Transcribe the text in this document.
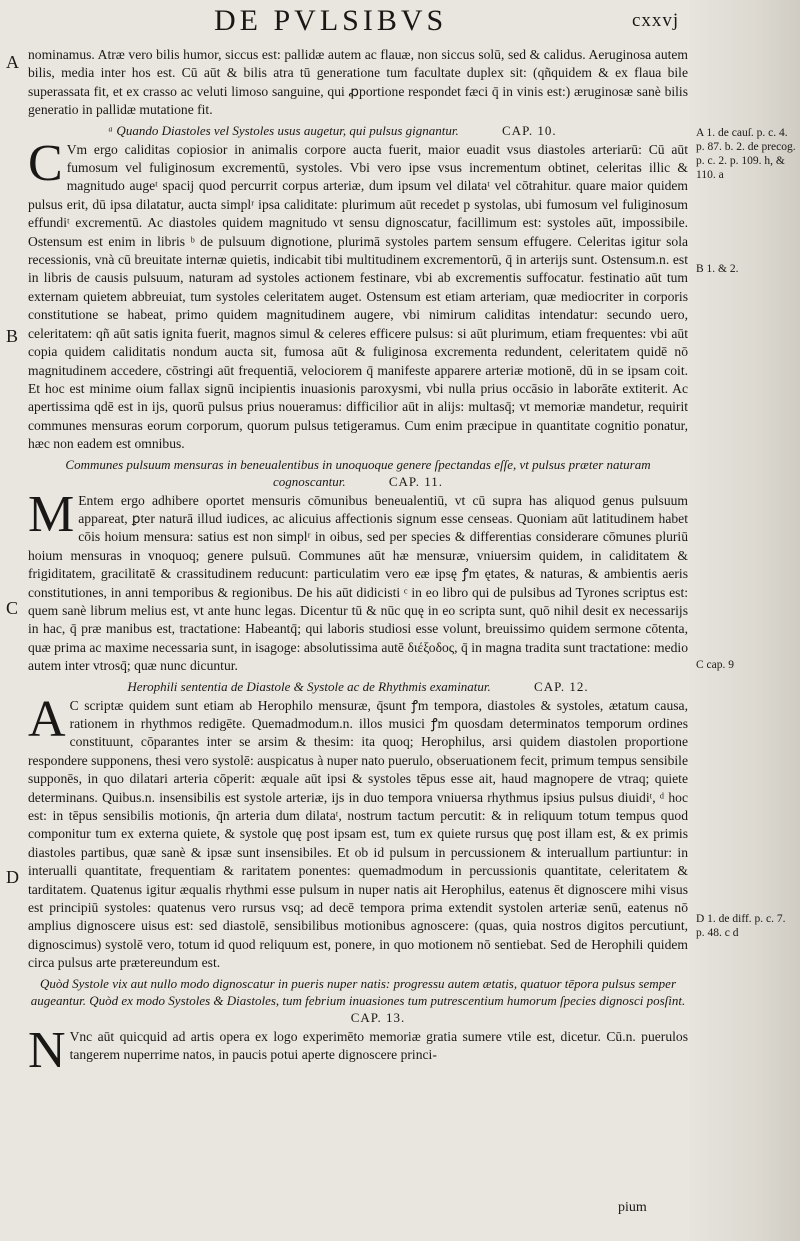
DE PVLSIBVS	cxxvj
A
B
C
D

nominamus. Atræ vero bilis humor, siccus est: pallidæ autem ac flauæ, non siccus solū, sed & calidus. Aeruginosa autem bilis, media inter hos est. Cū aūt & bilis atra tū generatione tum facultate duplex sit: (qñquidem & ex flaua bile superassata fit, et ex crasso ac veluti limoso sanguine, qui ꝓportione respondet fæci q̄ in vinis est:) æruginosæ sanè bilis generatio in pallidæ mutatione fit.

ᵃ Quando Diastoles vel Systoles usus augetur, qui pulsus gignantur.	CAP. 10.

C Vm ergo caliditas copiosior in animalis corpore aucta fuerit, maior euadit vsus diastoles arteriarū: Cū aūt fumosum vel fuliginosum excrementū, systoles. Vbi vero ipse vsus incrementum obtinet, celeritas illic & magnitudo augeᵗ spacij quod percurrit corpus arteriæ, dum ipsum vel dilataᵗ vel cōtrahitur. quare maior quidem pulsus erit, dū ipsa dilatatur, aucta simplʳ ipsa caliditate: plurimum aūt recedet p systolas, ubi fumosum vel fuliginosum effundiᵗ excrementū. Ac diastoles quidem magnitudo vt sensu dignoscatur, facillimum est: systoles aūt, impossibile. Ostensum est enim in libris ᵇ de pulsuum dignotione, plurimā systoles partem sensum effugere. Celeritas igitur sola recessionis, vnà cū breuitate internæ quietis, indicabit tibi multitudinem excrementorū, q̄ in arterijs sunt. Ostensum.n. est in libris de causis pulsuum, naturam ad systoles actionem festinare, vbi ab excrementis suffocatur. festinatio aūt tum externam quietem abbreuiat, tum systoles celeritatem auget. Ostensum est etiam arteriam, quæ mediocriter in corporis constitutione se habeat, primo quidem magnitudinem augere, vbi nimirum caliditas intendatur: secundo uero, celeritatem: qñ aūt satis ignita fuerit, magnos simul & celeres efficere pulsus: si aūt plurimum, etiam frequentes: vbi aūt copia quidem caliditatis nondum aucta sit, fumosa aūt & fuliginosa excrementa redundent, celeritatem quidē nō magnitudinem accedere, cōstringi aūt frequentiā, velociorem q̄ manifeste apparere arteriæ motionē, dū in se ipsam coit. Et hoc est minime oium fallax signū incipientis inuasionis paroxysmi, vbi nulla prius occāsio in laborāte extiterit. Ac apertissima qdē est in ijs, quorū pulsus prius noueramus: difficilior aūt in alijs: multasq̄; vt memoriæ mandetur, requirit communes mensuras eorum corporum, quorum pulsus tetigeramus. Cum enim præcipue in quantitate cognitio ponatur, hæc non eadem est omnibus.

Communes pulsuum mensuras in beneualentibus in unoquoque genere ſpectandas eſſe, vt pulsus præter naturam cognoscantur.	CAP. 11.

M Entem ergo adhibere oportet mensuris cōmunibus beneualentiū, vt cū supra has aliquod genus pulsuum appareat, ꝑter naturā illud iudices, ac alicuius affectionis signum esse censeas. Quoniam aūt latitudinem habet cōis hoium mensura: satius est non simplʳ in oibus, sed per species & differentias considerare cōmunes pluriū hoium mensuras in vnoquoq; genere pulsuū. Communes aūt hæ mensuræ, vniuersim quidem, in caliditatem & frigiditatem, gracilitatē & crassitudinem reducunt: particulatim vero eæ ipsę ꝭm ętates, & naturas, & ambientis aeris constitutiones, in anni temporibus & regionibus. De his aūt didicisti ᶜ in eo libro qui de pulsibus ad Tyrones scriptus est: quem sanè librum melius est, vt ante hunc legas. Dicentur tū & nūc quę in eo scripta sunt, quō nihil desit ex necessarijs in hac, q̄ præ manibus est, tractatione: Habeantq̄; qui laboris studiosi esse volunt, breuissimo quidem sermone cōtenta, quæ prima ac maxime necessaria sunt, in isagoge: absolutissima autē διέξοδος, q̄ in magna tradita sunt tractatione: medio autem inter vtrosq̄; quæ nunc dicuntur.

Herophili sententia de Diastole & Systole ac de Rhythmis examinatur.	CAP. 12.

A C scriptæ quidem sunt etiam ab Herophilo mensuræ, q̄sunt ꝭm tempora, diastoles & systoles, ætatum causa, rationem in rhythmos redigēte. Quemadmodum.n. illos musici ꝭm quosdam determinatos temporum ordines constituunt, cōparantes inter se arsim & thesim: ita quoq; Herophilus, arsi quidem diastolen proportione respondere supponens, thesi vero systolē: auspicatus à nuper nato puerulo, obseruationem fecit, primum tempus sensibile supponēs, in quo dilatari arteria cōperit: æquale aūt ipsi & systoles tēpus esse ait, haud magnopere de vtraq; quiete determinans. Quibus.n. insensibilis est systole arteriæ, ijs in duo tempora vniuersa rhythmus ipsius pulsus diuidiᵗ, ᵈ hoc est: in tēpus sensibilis motionis, q̄n arteria dum dilataᵗ, nostrum tactum percutit: & in reliquum totum tempus quod componitur tum ex externa quiete, & systole quę post ipsam est, tum ex quiete rursus quę post illam est, & ex primis diastoles partibus, quæ sanè & ipsæ sunt insensibiles. Et ob id pulsum in percussionem & interuallum partiuntur: in interualli quantitate, frequentiam & raritatem ponentes: quemadmodum in percussionis quantitate, celeritatem & tarditatem. Quatenus igitur æqualis rhythmi esse pulsum in nuper natis ait Herophilus, eatenus ēt dignoscere mihi visus est principiū systoles: quatenus vero rursus vsq; ad decē tempora prima extendit systolen arteriæ senū, eatenus nō amplius dignoscere uisus est: sed diastolē, sensibilibus motionibus agnoscere: (quas, quia nostros digitos percutiunt, dignoscimus) systolē vero, totum id quod reliquum est, ponere, in quo motionem nō sentiebat. Sed de Herophili quidem circa pulsus arte prætereundum est.

Quòd Systole vix aut nullo modo dignoscatur in pueris nuper natis: progressu autem ætatis, quatuor tēpora pulsus semper augeantur. Quòd ex modo Systoles & Diastoles, tum febrium inuasiones tum putrescentium humorum ſpecies dignosci posſint. CAP. 13.

N Vnc aūt quicquid ad artis opera ex logo experimēto memoriæ gratia sumere vtile est, dicetur. Cū.n. puerulos tangerem nuperrime natos, in paucis potui aperte dignoscere princi-

A 1. de cauſ. p. c. 4. p. 87. b. 2. de precog. p. c. 2. p. 109. h, & 110. a
B 1. & 2.
C cap. 9
D 1. de diff. p. c. 7. p. 48. c d
pium
